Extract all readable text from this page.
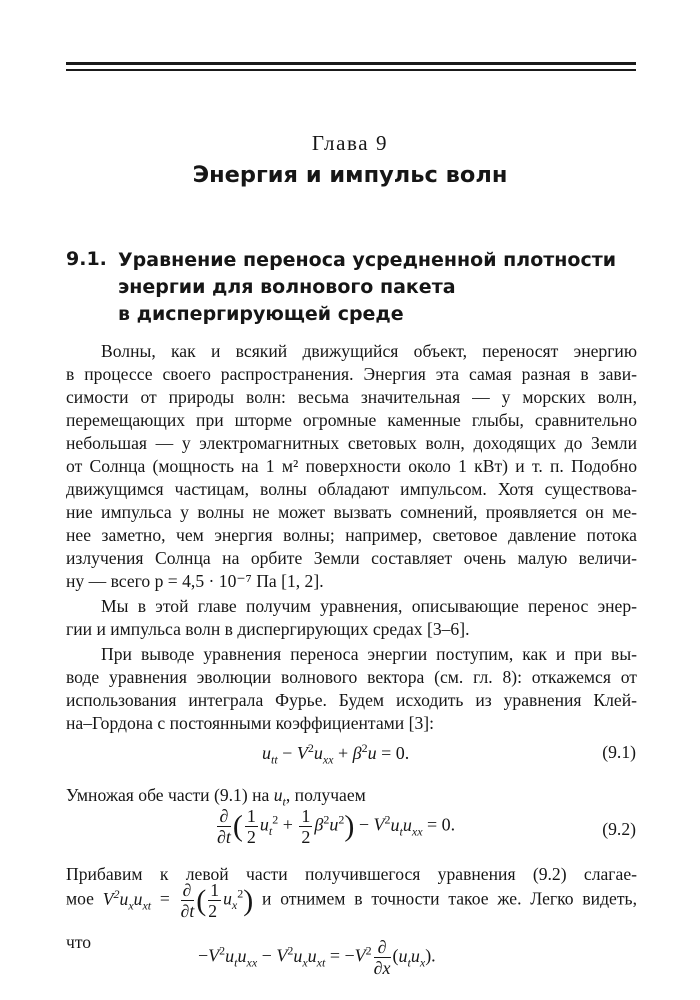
Глава 9
Энергия и импульс волн
9.1. Уравнение переноса усредненной плотности
энергии для волнового пакета
в диспергирующей среде
Волны, как и всякий движущийся объект, переносят энергию
в процессе своего распространения. Энергия эта самая разная в зави-
симости от природы волн: весьма значительная — у морских волн,
перемещающих при шторме огромные каменные глыбы, сравнительно
небольшая — у электромагнитных световых волн, доходящих до Земли
от Солнца (мощность на 1 м² поверхности около 1 кВт) и т. п. Подобно
движущимся частицам, волны обладают импульсом. Хотя существова-
ние импульса у волны не может вызвать сомнений, проявляется он ме-
нее заметно, чем энергия волны; например, световое давление потока
излучения Солнца на орбите Земли составляет очень малую величи-
ну — всего p = 4,5 · 10⁻⁷ Па [1, 2].
Мы в этой главе получим уравнения, описывающие перенос энер-
гии и импульса волн в диспергирующих средах [3–6].
При выводе уравнения переноса энергии поступим, как и при вы-
воде уравнения эволюции волнового вектора (см. гл. 8): откажемся от
использования интеграла Фурье. Будем исходить из уравнения Клей-
на–Гордона с постоянными коэффициентами [3]:
$u_{tt} - V^2u_{xx} + \beta^2u = 0$.	(9.1)
Умножая обе части (9.1) на $u_t$, получаем
$\frac{\partial}{\partial t}$ ( $\frac{1}{2} u_t^2 + \frac{1}{2} \beta^2u^2) - V^2u_tu_{xx} = 0$.	(9.2)
Прибавим к левой части получившегося уравнения (9.2) слагае-
мое $V^2u_xu_{xt} = \frac{\partial}{\partial t}$ ( $\frac{1}{2} u_x^2$) и отнимем в точности такое же. Легко видеть,
что
$-V^2u_tu_{xx} - V^2u_xu_{xt} = -V^2 \frac{\partial}{\partial x} (u_tu_x)$.
